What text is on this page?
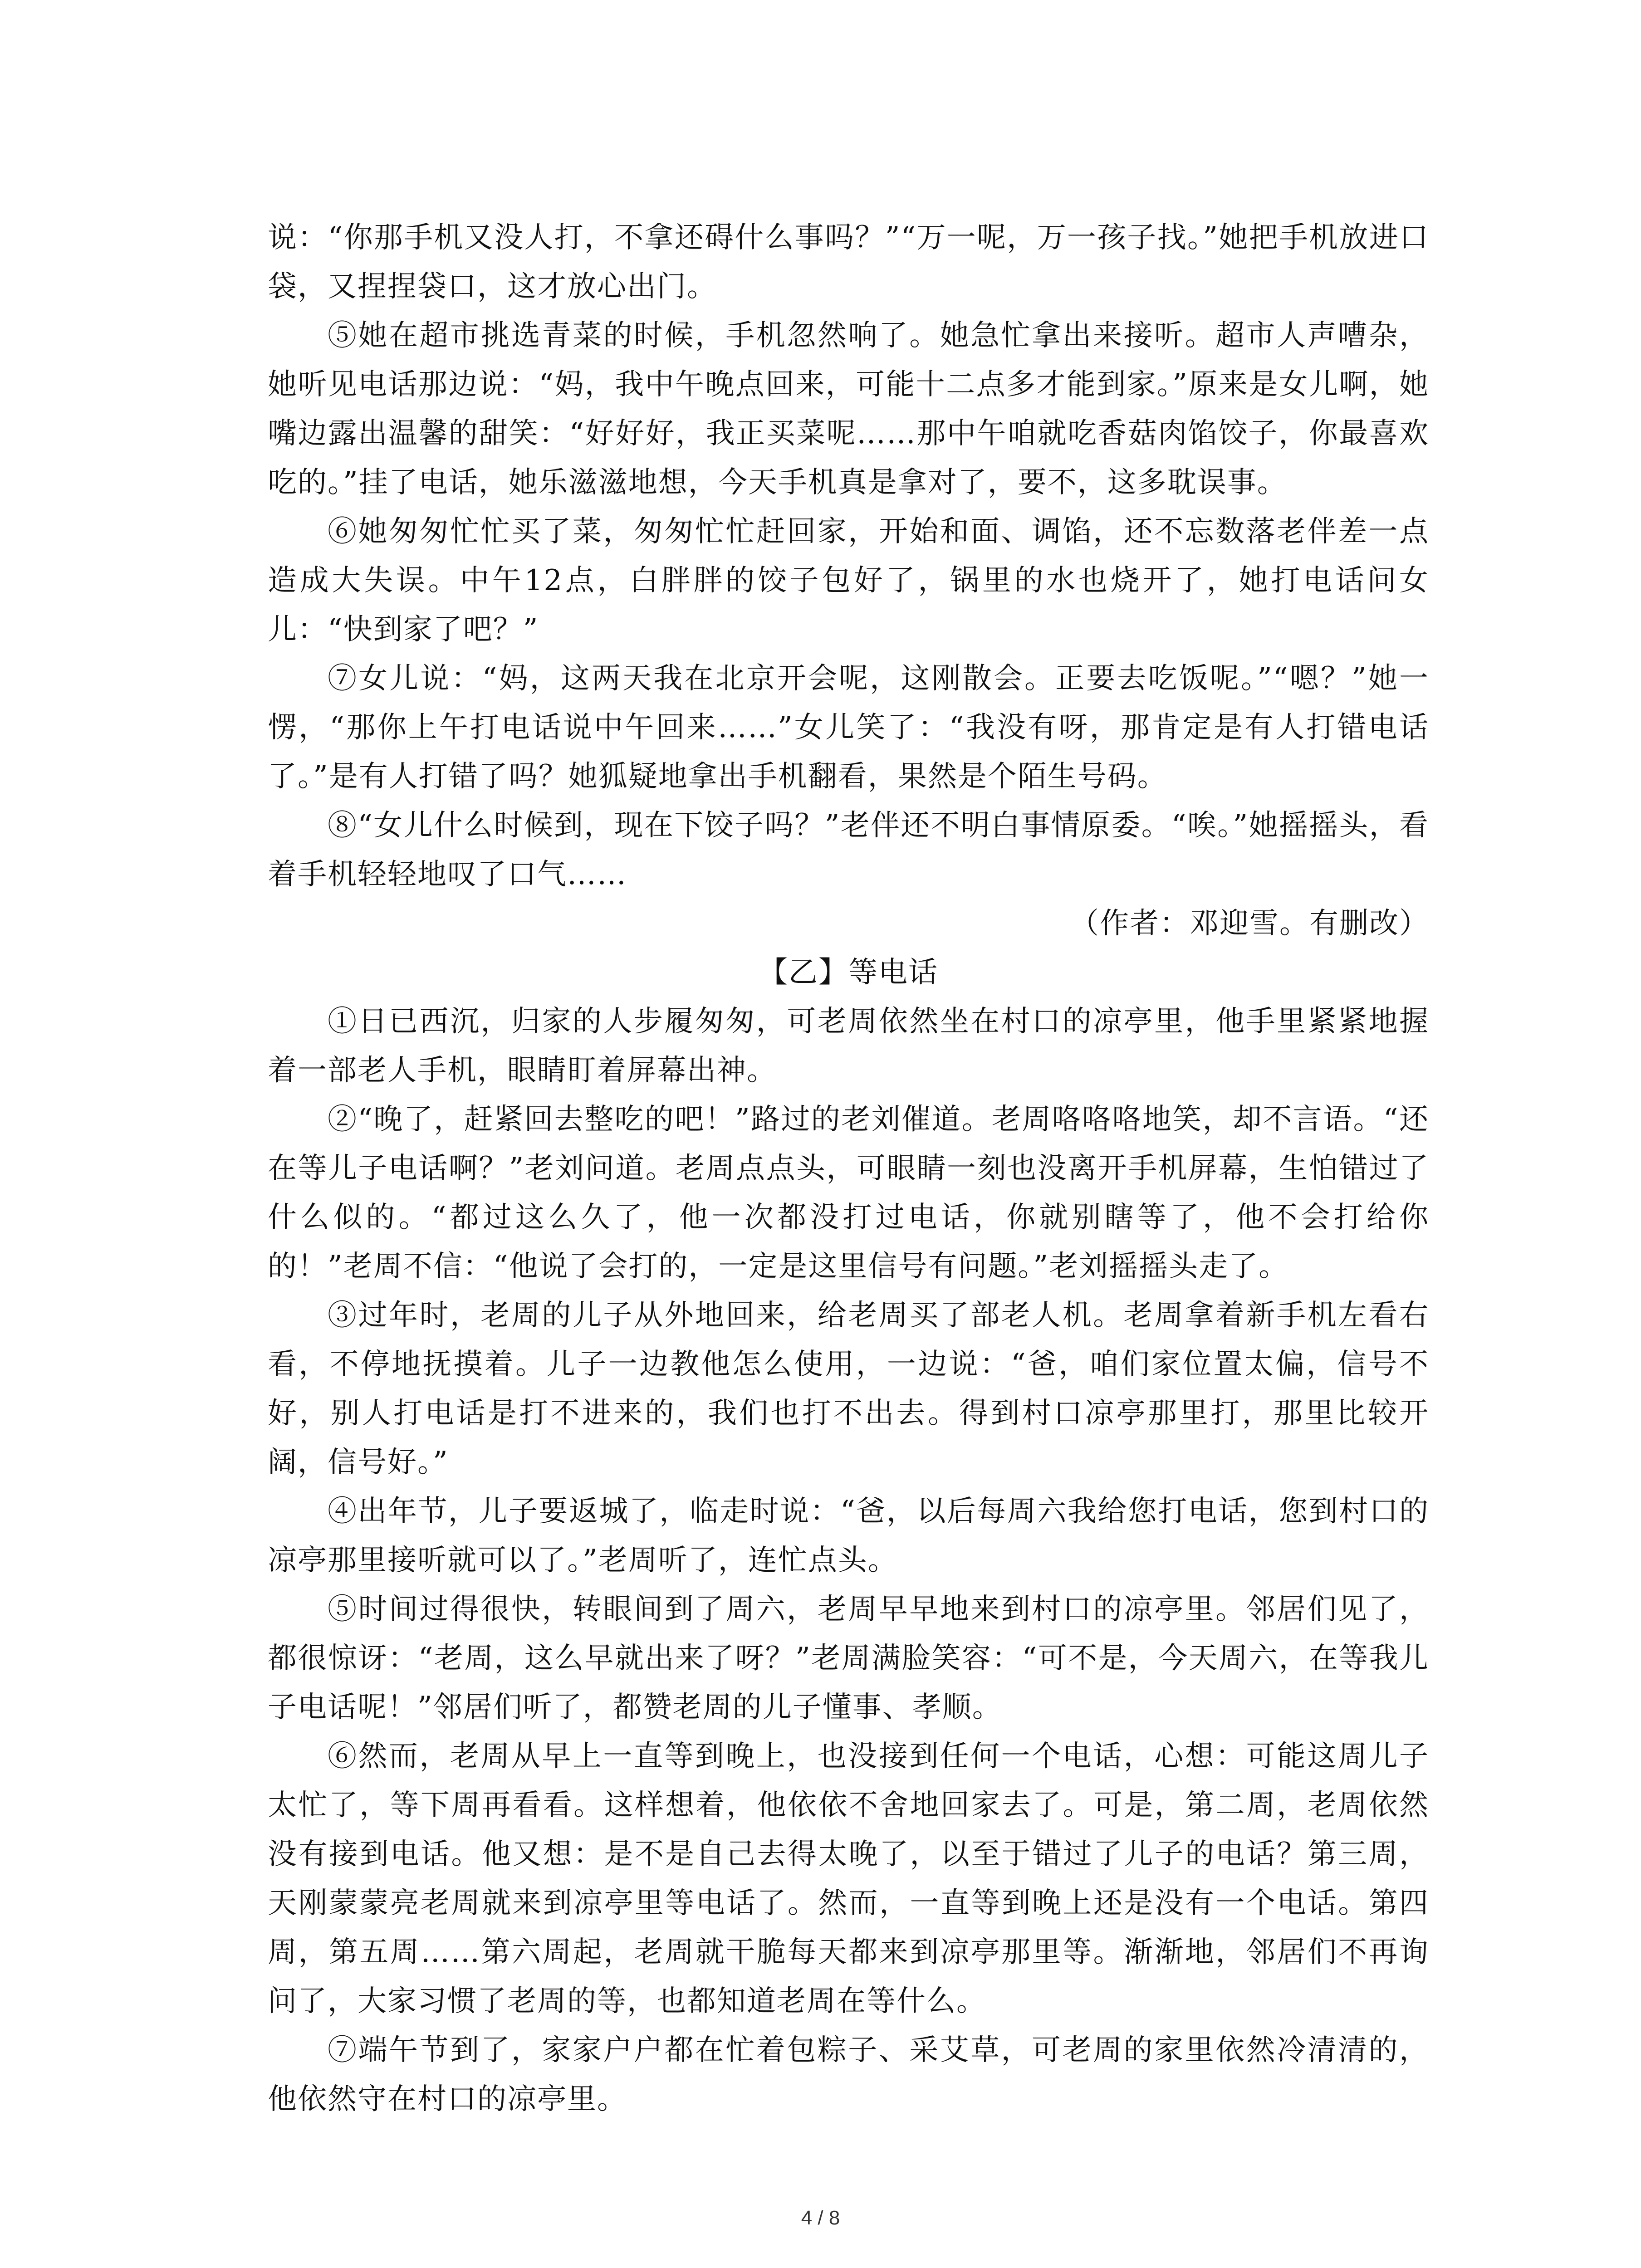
说：“你那手机又没人打，不拿还碍什么事吗？”“万一呢，万一孩子找。”她把手机放进口袋，又捏捏袋口，这才放心出门。

⑤她在超市挑选青菜的时候，手机忽然响了。她急忙拿出来接听。超市人声嘈杂，她听见电话那边说：“妈，我中午晚点回来，可能十二点多才能到家。”原来是女儿啊，她嘴边露出温馨的甜笑：“好好好，我正买菜呢……那中午咱就吃香菇肉馅饺子，你最喜欢吃的。”挂了电话，她乐滋滋地想，今天手机真是拿对了，要不，这多耽误事。

⑥她匆匆忙忙买了菜，匆匆忙忙赶回家，开始和面、调馅，还不忘数落老伴差一点造成大失误。中午12点，白胖胖的饺子包好了，锅里的水也烧开了，她打电话问女儿：“快到家了吧？”

⑦女儿说：“妈，这两天我在北京开会呢，这刚散会。正要去吃饭呢。”“嗯？”她一愣，“那你上午打电话说中午回来……”女儿笑了：“我没有呀，那肯定是有人打错电话了。”是有人打错了吗？她狐疑地拿出手机翻看，果然是个陌生号码。

⑧“女儿什么时候到，现在下饺子吗？”老伴还不明白事情原委。“唉。”她摇摇头，看着手机轻轻地叹了口气……

（作者：邓迎雪。有删改）

【乙】等电话

①日已西沉，归家的人步履匆匆，可老周依然坐在村口的凉亭里，他手里紧紧地握着一部老人手机，眼睛盯着屏幕出神。

②“晚了，赶紧回去整吃的吧！”路过的老刘催道。老周咯咯咯地笑，却不言语。“还在等儿子电话啊？”老刘问道。老周点点头，可眼睛一刻也没离开手机屏幕，生怕错过了什么似的。“都过这么久了，他一次都没打过电话，你就别瞎等了，他不会打给你的！”老周不信：“他说了会打的，一定是这里信号有问题。”老刘摇摇头走了。

③过年时，老周的儿子从外地回来，给老周买了部老人机。老周拿着新手机左看右看，不停地抚摸着。儿子一边教他怎么使用，一边说：“爸，咱们家位置太偏，信号不好，别人打电话是打不进来的，我们也打不出去。得到村口凉亭那里打，那里比较开阔，信号好。”

④出年节，儿子要返城了，临走时说：“爸，以后每周六我给您打电话，您到村口的凉亭那里接听就可以了。”老周听了，连忙点头。

⑤时间过得很快，转眼间到了周六，老周早早地来到村口的凉亭里。邻居们见了，都很惊讶：“老周，这么早就出来了呀？”老周满脸笑容：“可不是，今天周六，在等我儿子电话呢！”邻居们听了，都赞老周的儿子懂事、孝顺。

⑥然而，老周从早上一直等到晚上，也没接到任何一个电话，心想：可能这周儿子太忙了，等下周再看看。这样想着，他依依不舍地回家去了。可是，第二周，老周依然没有接到电话。他又想：是不是自己去得太晚了，以至于错过了儿子的电话？第三周，天刚蒙蒙亮老周就来到凉亭里等电话了。然而，一直等到晚上还是没有一个电话。第四周，第五周……第六周起，老周就干脆每天都来到凉亭那里等。渐渐地，邻居们不再询问了，大家习惯了老周的等，也都知道老周在等什么。

⑦端午节到了，家家户户都在忙着包粽子、采艾草，可老周的家里依然冷清清的，他依然守在村口的凉亭里。

4 / 8
